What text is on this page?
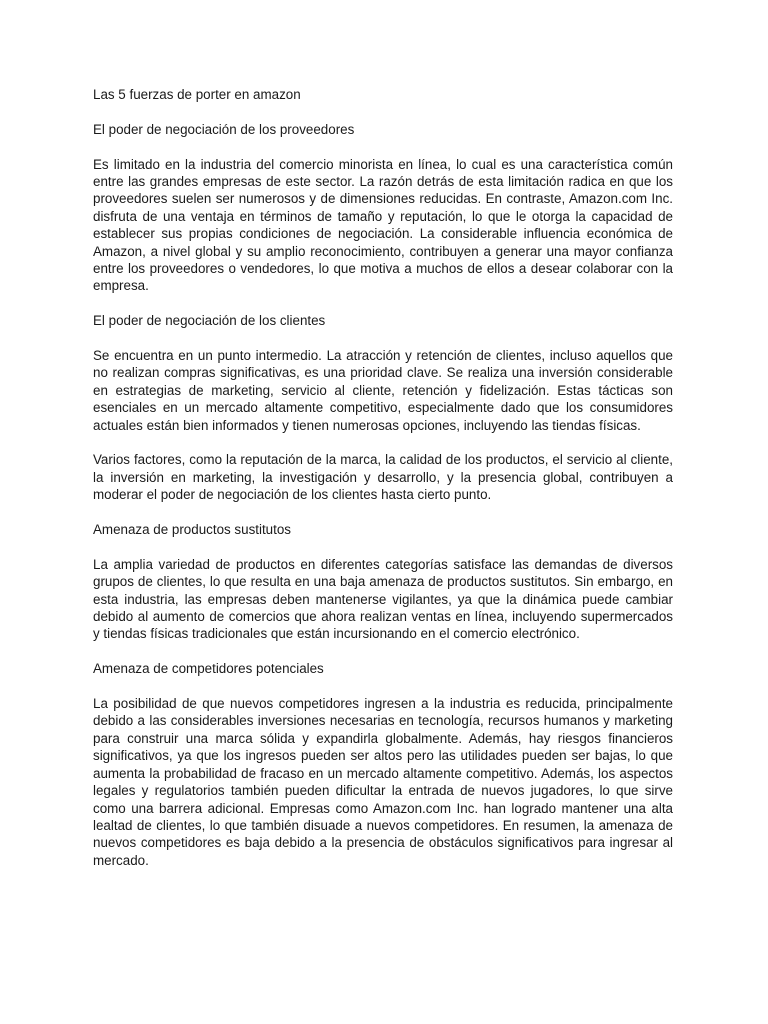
Las 5 fuerzas de porter en amazon

El poder de negociación de los proveedores

Es limitado en la industria del comercio minorista en línea, lo cual es una característica común entre las grandes empresas de este sector. La razón detrás de esta limitación radica en que los proveedores suelen ser numerosos y de dimensiones reducidas. En contraste, Amazon.com Inc. disfruta de una ventaja en términos de tamaño y reputación, lo que le otorga la capacidad de establecer sus propias condiciones de negociación. La considerable influencia económica de Amazon, a nivel global y su amplio reconocimiento, contribuyen a generar una mayor confianza entre los proveedores o vendedores, lo que motiva a muchos de ellos a desear colaborar con la empresa.

El poder de negociación de los clientes

Se encuentra en un punto intermedio. La atracción y retención de clientes, incluso aquellos que no realizan compras significativas, es una prioridad clave. Se realiza una inversión considerable en estrategias de marketing, servicio al cliente, retención y fidelización. Estas tácticas son esenciales en un mercado altamente competitivo, especialmente dado que los consumidores actuales están bien informados y tienen numerosas opciones, incluyendo las tiendas físicas.

Varios factores, como la reputación de la marca, la calidad de los productos, el servicio al cliente, la inversión en marketing, la investigación y desarrollo, y la presencia global, contribuyen a moderar el poder de negociación de los clientes hasta cierto punto.

Amenaza de productos sustitutos

La amplia variedad de productos en diferentes categorías satisface las demandas de diversos grupos de clientes, lo que resulta en una baja amenaza de productos sustitutos. Sin embargo, en esta industria, las empresas deben mantenerse vigilantes, ya que la dinámica puede cambiar debido al aumento de comercios que ahora realizan ventas en línea, incluyendo supermercados y tiendas físicas tradicionales que están incursionando en el comercio electrónico.

Amenaza de competidores potenciales

La posibilidad de que nuevos competidores ingresen a la industria es reducida, principalmente debido a las considerables inversiones necesarias en tecnología, recursos humanos y marketing para construir una marca sólida y expandirla globalmente. Además, hay riesgos financieros significativos, ya que los ingresos pueden ser altos pero las utilidades pueden ser bajas, lo que aumenta la probabilidad de fracaso en un mercado altamente competitivo. Además, los aspectos legales y regulatorios también pueden dificultar la entrada de nuevos jugadores, lo que sirve como una barrera adicional. Empresas como Amazon.com Inc. han logrado mantener una alta lealtad de clientes, lo que también disuade a nuevos competidores. En resumen, la amenaza de nuevos competidores es baja debido a la presencia de obstáculos significativos para ingresar al mercado.
